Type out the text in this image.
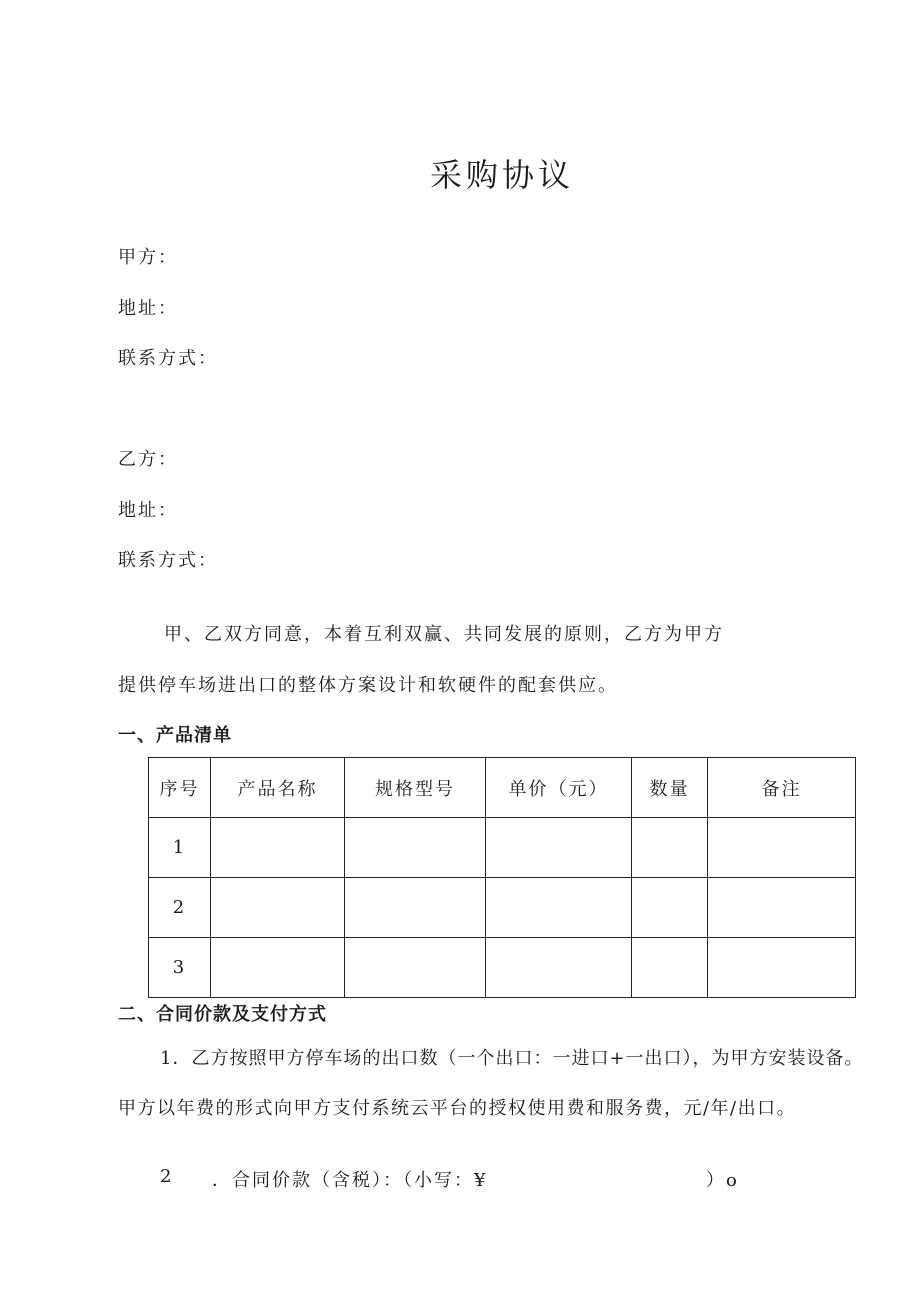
采购协议
甲方：
地址：
联系方式：
乙方：
地址：
联系方式：
甲、乙双方同意，本着互利双赢、共同发展的原则，乙方为甲方
提供停车场进出口的整体方案设计和软硬件的配套供应。
一、产品清单
序号	产品名称	规格型号	单价（元）	数量	备注
1					
2					
3					
二、合同价款及支付方式
1．乙方按照甲方停车场的出口数（一个出口：一进口+一出口），为甲方安装设备。
甲方以年费的形式向甲方支付系统云平台的授权使用费和服务费，元/年/出口。
2 ．合同价款（含税）：（小写：¥	）o
